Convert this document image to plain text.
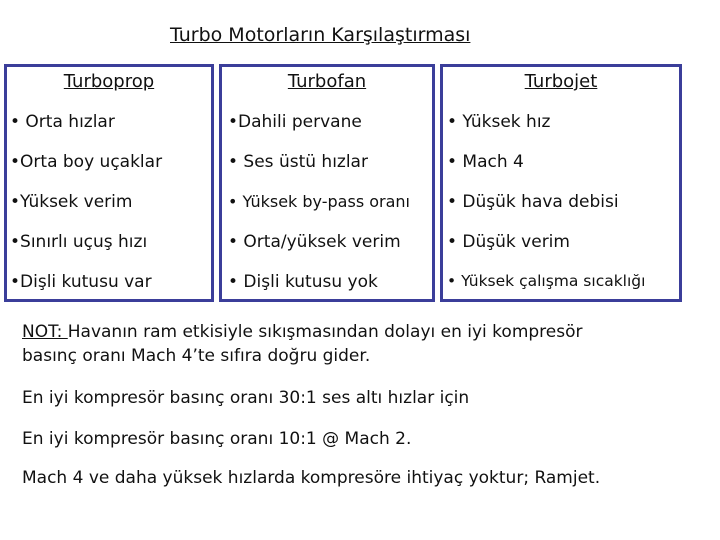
Turbo Motorların Karşılaştırması
Turboprop	Turbofan	Turbojet
• Orta hızlar
•Orta boy uçaklar
•Yüksek verim
•Sınırlı uçuş hızı
•Dişli kutusu var
•Dahili pervane
• Ses üstü hızlar
• Yüksek by-pass oranı
• Orta/yüksek verim
• Dişli kutusu yok
• Yüksek hız
• Mach 4
• Düşük hava debisi
• Düşük verim
• Yüksek çalışma sıcaklığı
NOT: Havanın ram etkisiyle sıkışmasından dolayı en iyi kompresör
basınç oranı Mach 4’te sıfıra doğru gider.
En iyi kompresör basınç oranı 30:1 ses altı hızlar için
En iyi kompresör basınç oranı 10:1 @ Mach 2.
Mach 4 ve daha yüksek hızlarda kompresöre ihtiyaç yoktur; Ramjet.
